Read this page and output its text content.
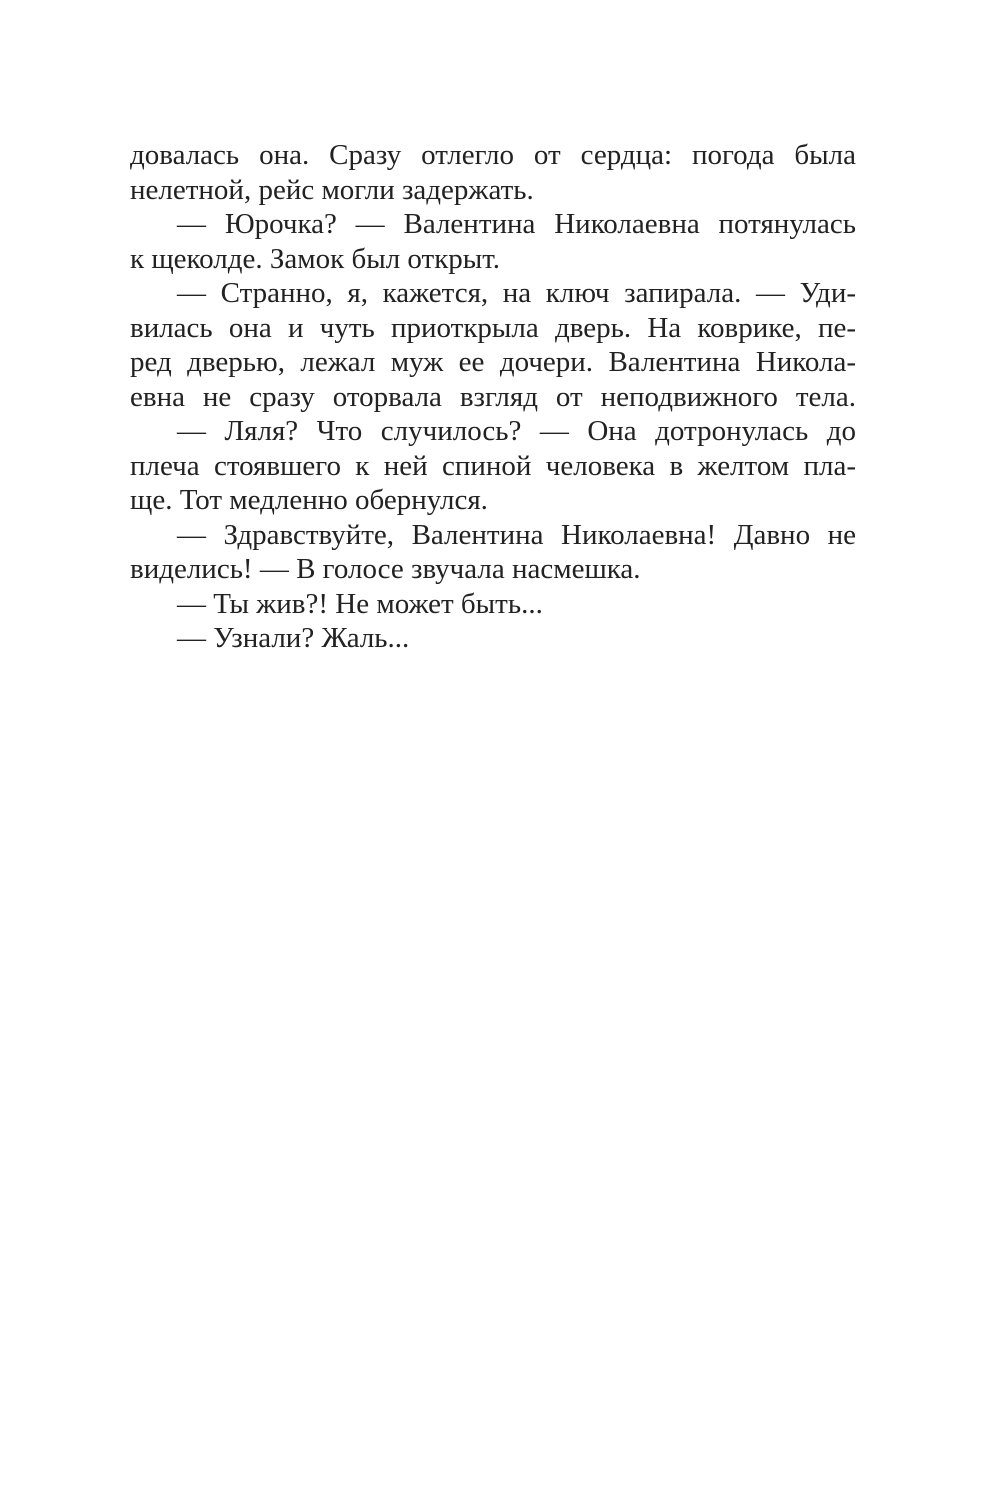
довалась она. Сразу отлегло от сердца: погода была
нелетной, рейс могли задержать.
— Юрочка? — Валентина Николаевна потянулась
к щеколде. Замок был открыт.
— Странно, я, кажется, на ключ запирала. — Уди-
вилась она и чуть приоткрыла дверь. На коврике, пе-
ред дверью, лежал муж ее дочери. Валентина Никола-
евна не сразу оторвала взгляд от неподвижного тела.
— Ляля? Что случилось? — Она дотронулась до
плеча стоявшего к ней спиной человека в желтом пла-
ще. Тот медленно обернулся.
— Здравствуйте, Валентина Николаевна! Давно не
виделись! — В голосе звучала насмешка.
— Ты жив?! Не может быть...
— Узнали? Жаль...
